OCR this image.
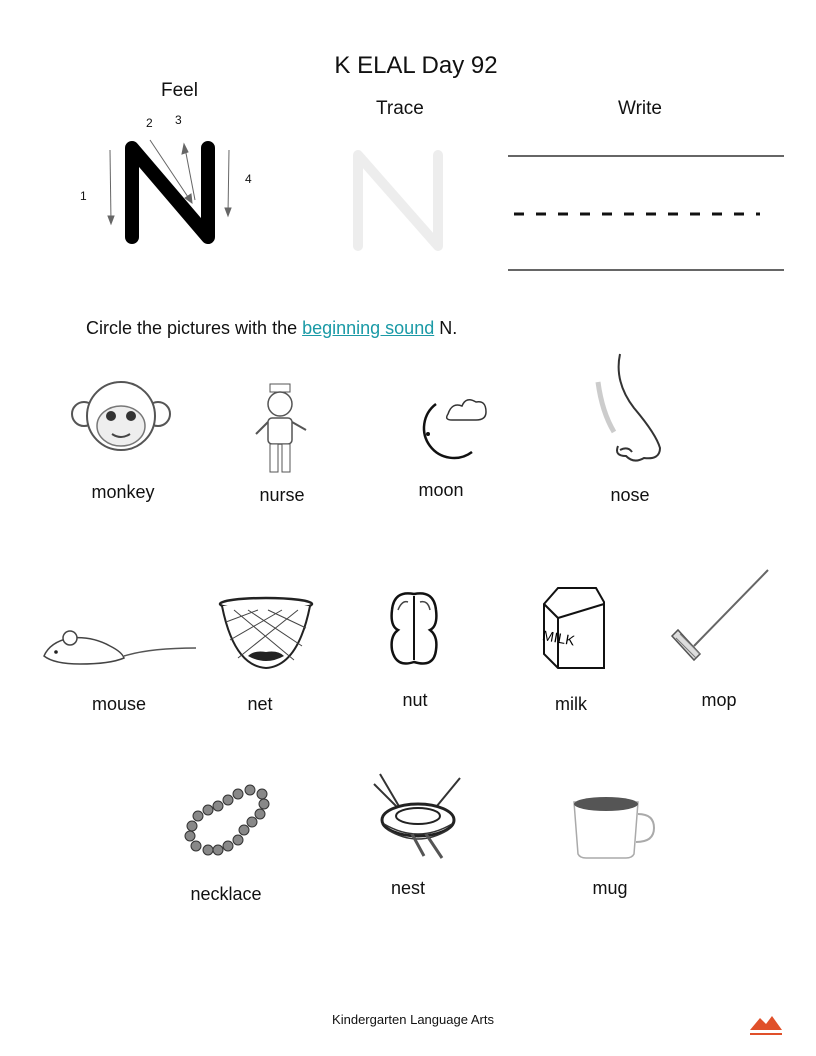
K ELAL Day 92
Feel
Trace	Write
1
2 3
4
Circle the pictures with the beginning sound N.
monkey	nurse	moon	nose
MILK
mouse	net	nut	milk	mop
necklace	nest	mug
Kindergarten Language Arts
